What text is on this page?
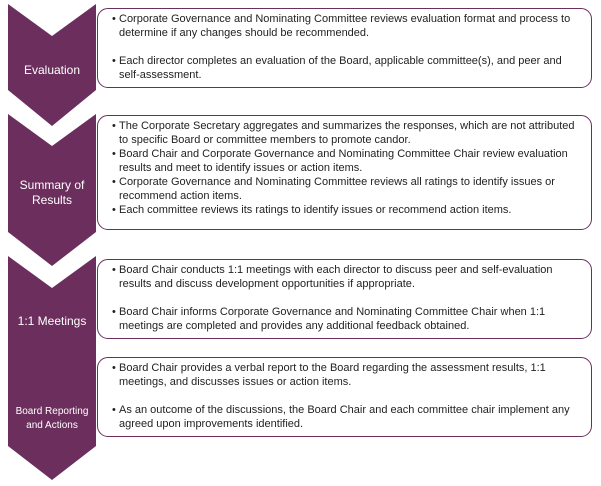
Evaluation
Summary of Results
1:1 Meetings
Board Reporting and Actions
• Corporate Governance and Nominating Committee reviews evaluation format and process to determine if any changes should be recommended.
• Each director completes an evaluation of the Board, applicable committee(s), and peer and self-assessment.
• The Corporate Secretary aggregates and summarizes the responses, which are not attributed to specific Board or committee members to promote candor.
• Board Chair and Corporate Governance and Nominating Committee Chair review evaluation results and meet to identify issues or action items.
• Corporate Governance and Nominating Committee reviews all ratings to identify issues or recommend action items.
• Each committee reviews its ratings to identify issues or recommend action items.
• Board Chair conducts 1:1 meetings with each director to discuss peer and self-evaluation results and discuss development opportunities if appropriate.
• Board Chair informs Corporate Governance and Nominating Committee Chair when 1:1 meetings are completed and provides any additional feedback obtained.
• Board Chair provides a verbal report to the Board regarding the assessment results, 1:1 meetings, and discusses issues or action items.
• As an outcome of the discussions, the Board Chair and each committee chair implement any agreed upon improvements identified.
